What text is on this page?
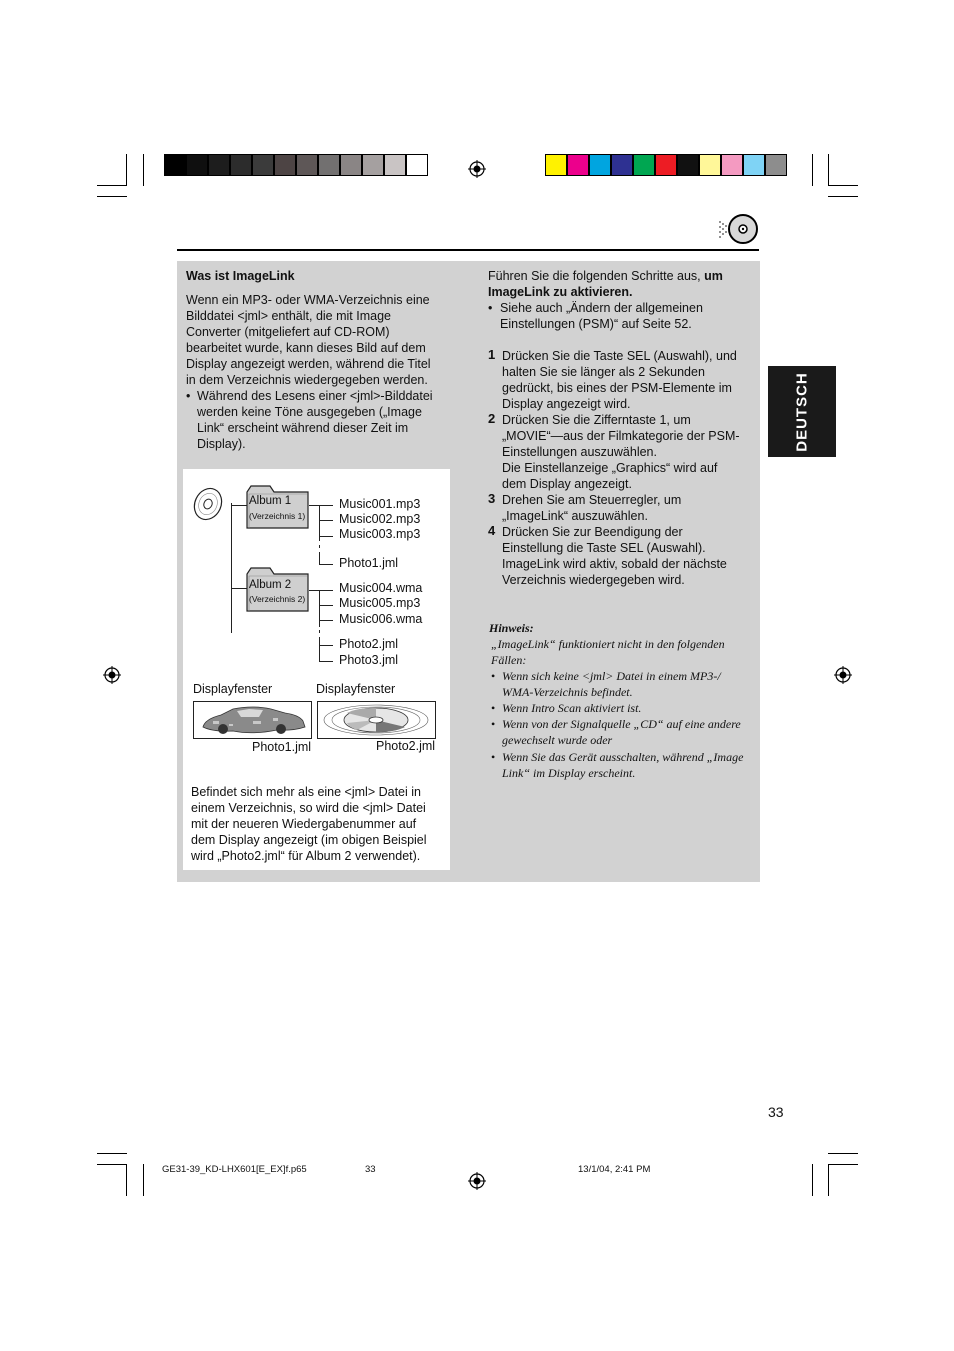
Was ist ImageLink
Wenn ein MP3- oder WMA-Verzeichnis eine
Bilddatei <jml> enthält, die mit Image
Converter (mitgeliefert auf CD-ROM)
bearbeitet wurde, kann dieses Bild auf dem
Display angezeigt werden, während die Titel
in dem Verzeichnis wiedergegeben werden.
• Während des Lesens einer <jml>-Bilddatei
werden keine Töne ausgegeben („Image
Link“ erscheint während dieser Zeit im
Display).
Album 1
(Verzeichnis 1)
Album 2
(Verzeichnis 2)
Music001.mp3
Music002.mp3
Music003.mp3
Photo1.jml
Music004.wma
Music005.mp3
Music006.wma
Photo2.jml
Photo3.jml
Displayfenster	Displayfenster
Photo1.jml	Photo2.jml
Befindet sich mehr als eine <jml> Datei in
einem Verzeichnis, so wird die <jml> Datei
mit der neueren Wiedergabenummer auf
dem Display angezeigt (im obigen Beispiel
wird „Photo2.jml“ für Album 2 verwendet).
Führen Sie die folgenden Schritte aus, um
ImageLink zu aktivieren.
• Siehe auch „Ändern der allgemeinen
Einstellungen (PSM)“ auf Seite 52.
1 Drücken Sie die Taste SEL (Auswahl), und
halten Sie sie länger als 2 Sekunden
gedrückt, bis eines der PSM-Elemente im
Display angezeigt wird.
2 Drücken Sie die Zifferntaste 1, um
„MOVIE“—aus der Filmkategorie der PSM-
Einstellungen auszuwählen.
Die Einstellanzeige „Graphics“ wird auf
dem Display angezeigt.
3 Drehen Sie am Steuerregler, um
„ImageLink“ auszuwählen.
4 Drücken Sie zur Beendigung der
Einstellung die Taste SEL (Auswahl).
ImageLink wird aktiv, sobald der nächste
Verzeichnis wiedergegeben wird.
Hinweis:
„ImageLink“ funktioniert nicht in den folgenden
Fällen:
• Wenn sich keine <jml> Datei in einem MP3-/
WMA-Verzeichnis befindet.
• Wenn Intro Scan aktiviert ist.
• Wenn von der Signalquelle „CD“ auf eine andere
gewechselt wurde oder
• Wenn Sie das Gerät ausschalten, während „Image
Link“ im Display erscheint.
DEUTSCH
33
GE31-39_KD-LHX601[E_EX]f.p65	33	13/1/04, 2:41 PM
